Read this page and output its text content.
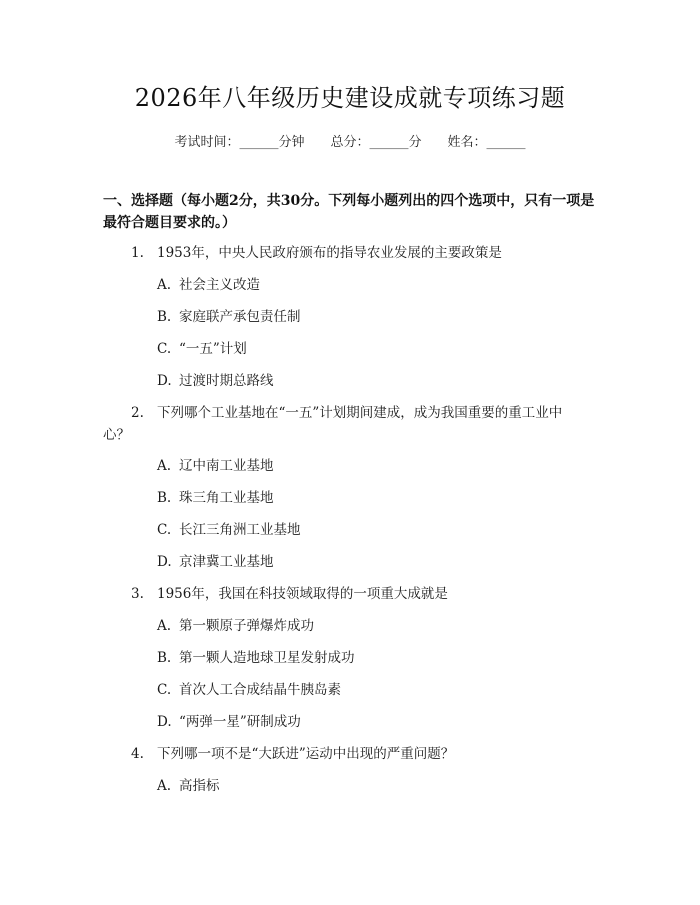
2026年八年级历史建设成就专项练习题
考试时间：______分钟 总分：______分 姓名：______
一、选择题（每小题2分，共30分。下列每小题列出的四个选项中，只有一项是最符合题目要求的。）
1. 1953年，中央人民政府颁布的指导农业发展的主要政策是
A. 社会主义改造
B. 家庭联产承包责任制
C. “一五”计划
D. 过渡时期总路线
2. 下列哪个工业基地在“一五”计划期间建成，成为我国重要的重工业中
心？
A. 辽中南工业基地
B. 珠三角工业基地
C. 长江三角洲工业基地
D. 京津冀工业基地
3. 1956年，我国在科技领域取得的一项重大成就是
A. 第一颗原子弹爆炸成功
B. 第一颗人造地球卫星发射成功
C. 首次人工合成结晶牛胰岛素
D. “两弹一星”研制成功
4. 下列哪一项不是“大跃进”运动中出现的严重问题？
A. 高指标
